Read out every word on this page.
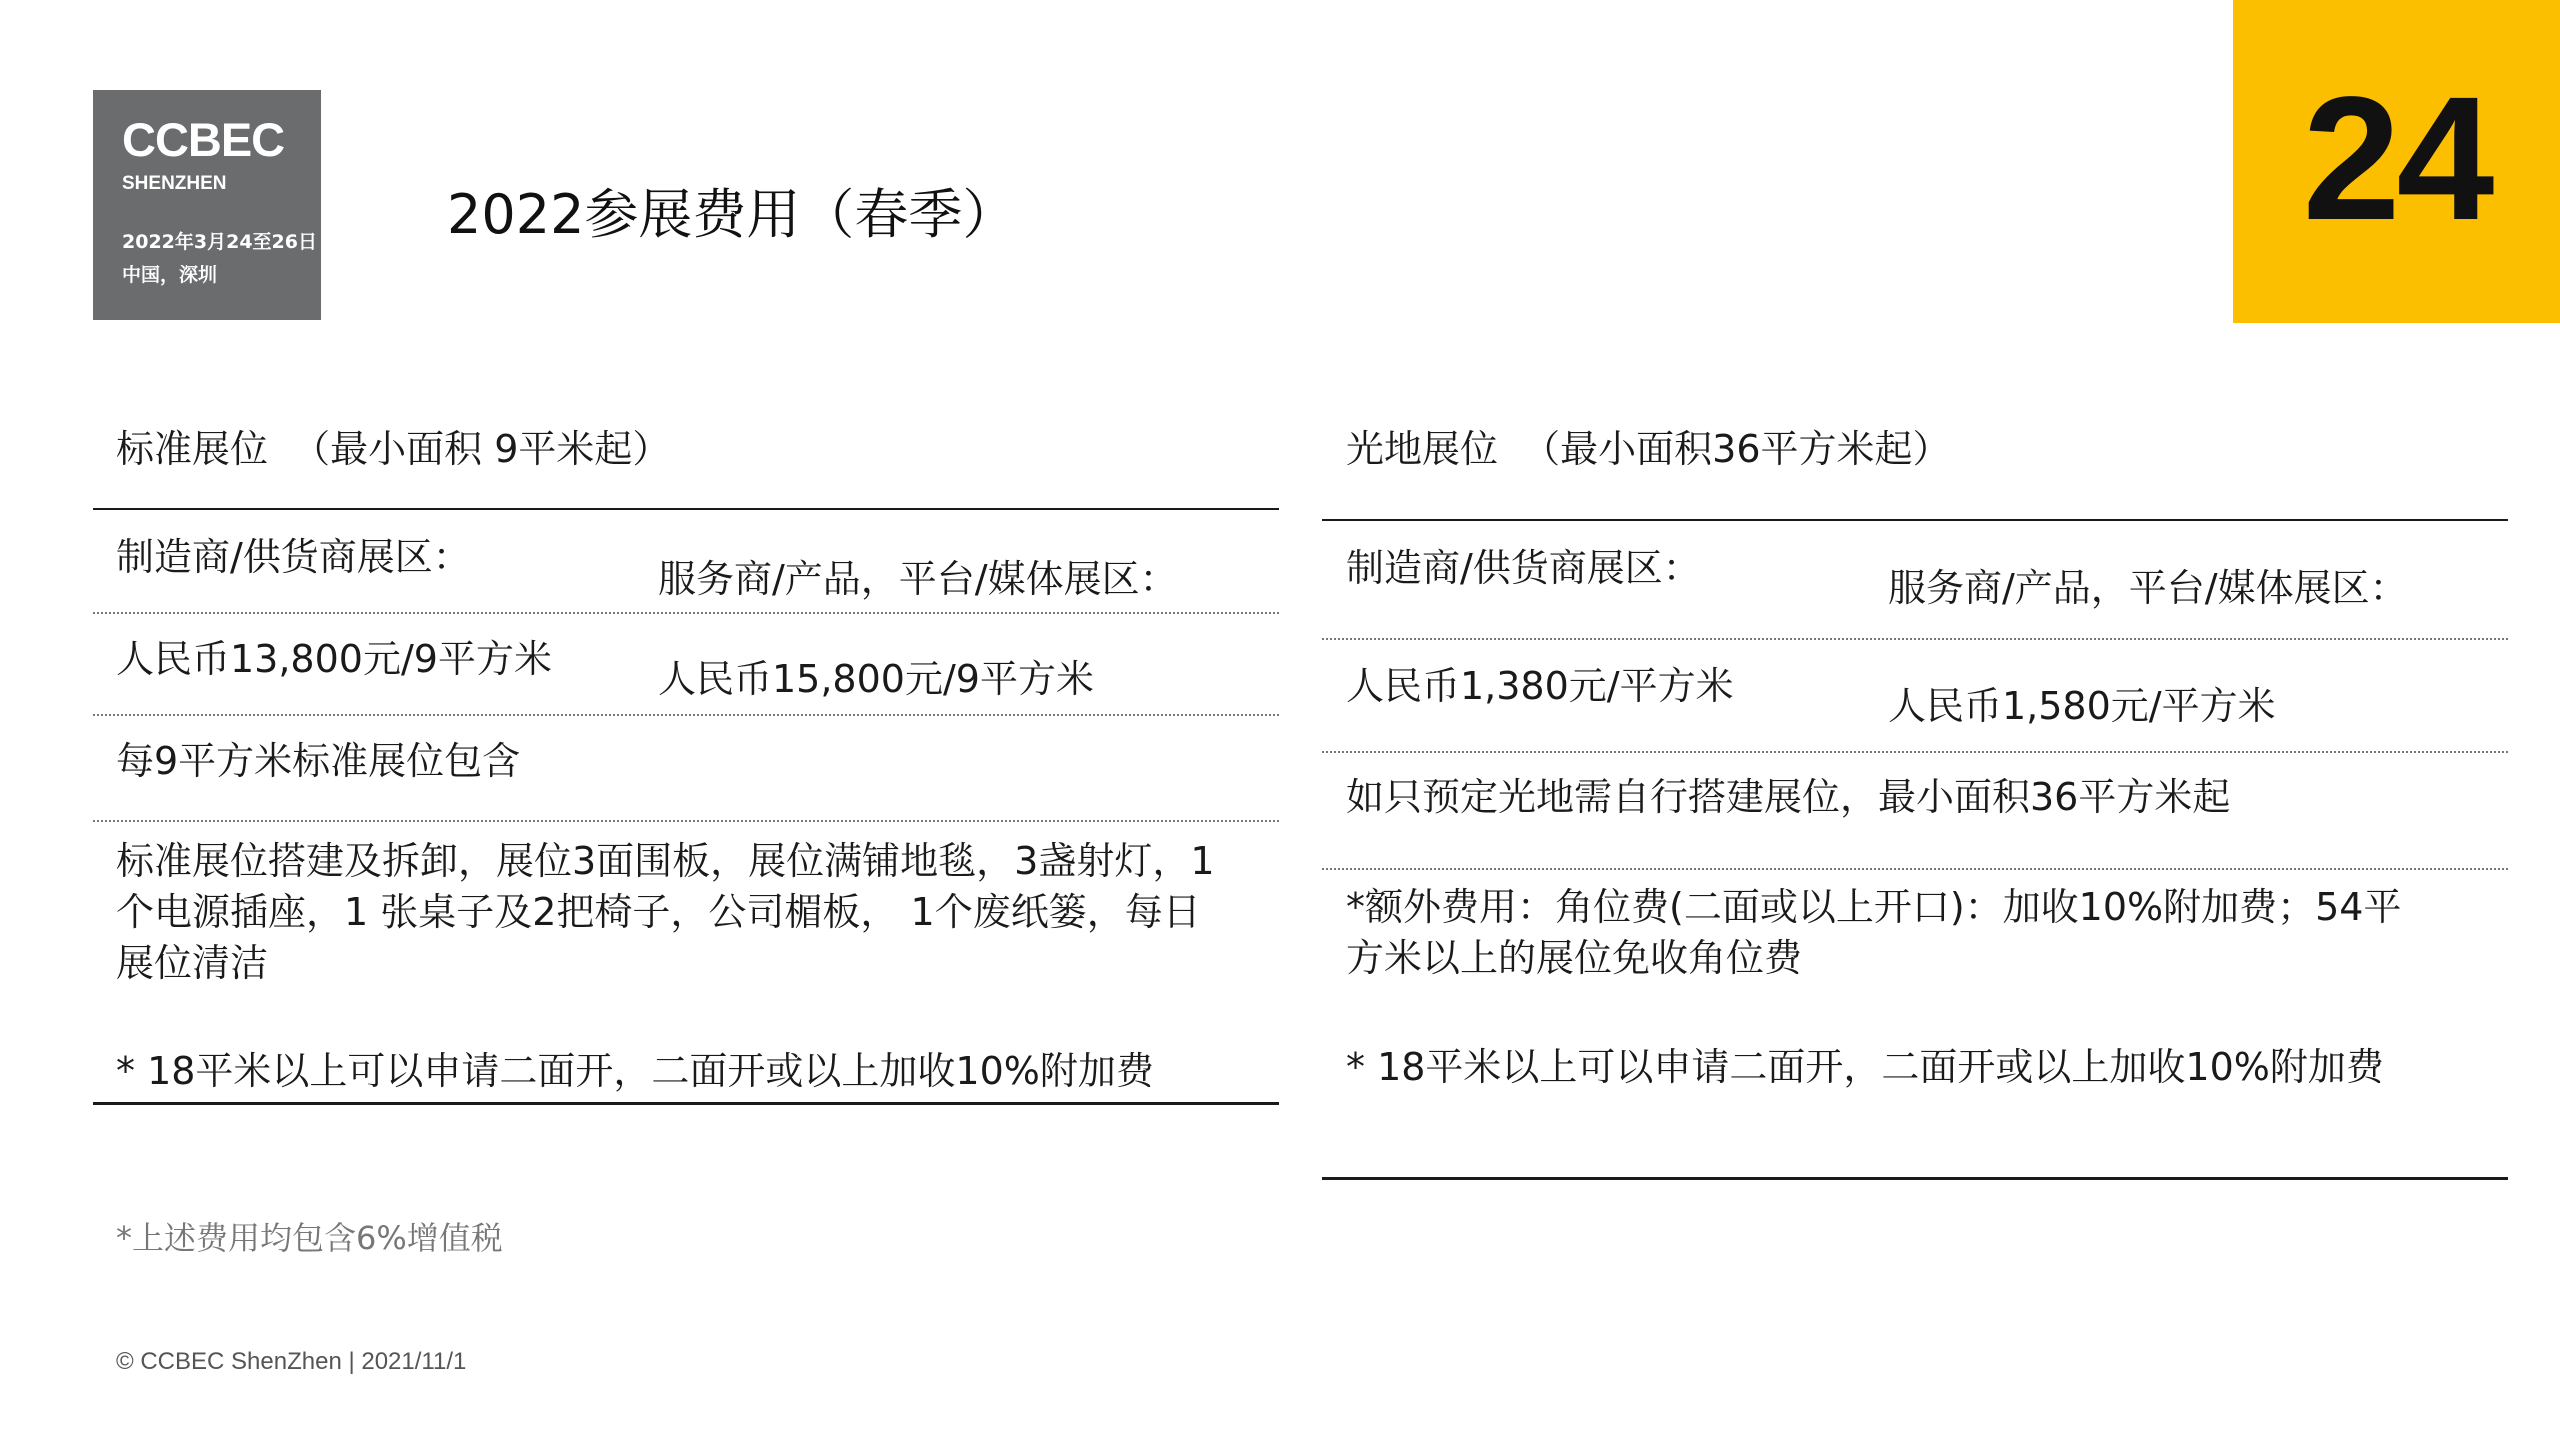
CCBEC
SHENZHEN
2022年3月24至26日
中国，深圳
2022参展费用（春季）	24
标准展位  （最小面积 9平米起）
制造商/供货商展区：	服务商/产品，平台/媒体展区：
人民币13,800元/9平方米	人民币15,800元/9平方米
每9平方米标准展位包含
标准展位搭建及拆卸，展位3面围板，展位满铺地毯，3盏射灯，1个电源插座，1 张桌子及2把椅子，公司楣板， 1个废纸篓，每日展位清洁
* 18平米以上可以申请二面开，二面开或以上加收10%附加费
光地展位  （最小面积36平方米起）
制造商/供货商展区：	服务商/产品，平台/媒体展区：
人民币1,380元/平方米	人民币1,580元/平方米
如只预定光地需自行搭建展位，最小面积36平方米起
*额外费用：角位费(二面或以上开口)：加收10%附加费；54平方米以上的展位免收角位费
* 18平米以上可以申请二面开，二面开或以上加收10%附加费
*上述费用均包含6%增值税
© CCBEC ShenZhen | 2021/11/1
